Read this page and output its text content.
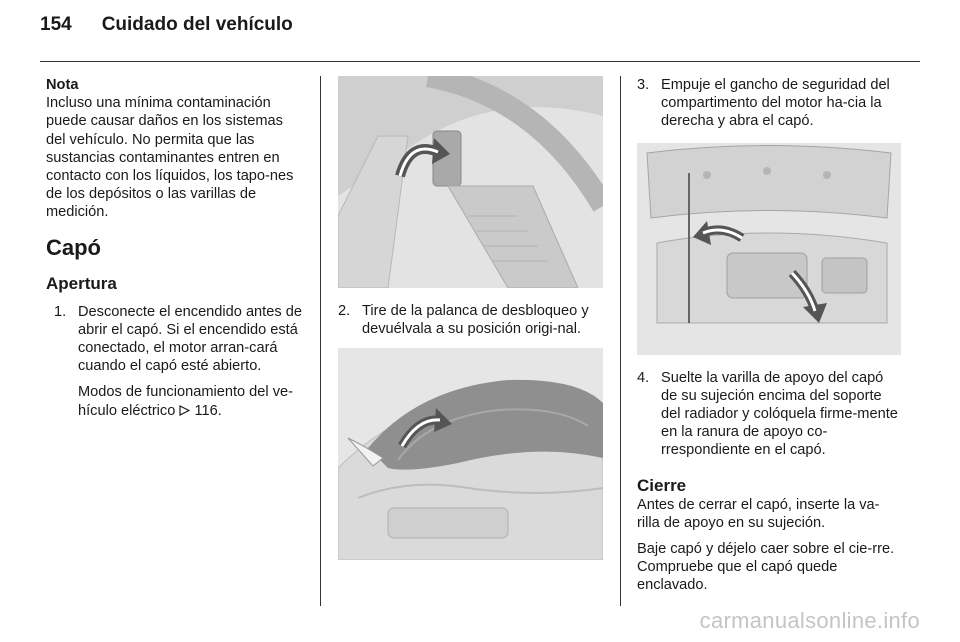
154 Cuidado del vehículo
Nota
Incluso una mínima contaminación puede causar daños en los sistemas del vehículo. No permita que las sustancias contaminantes entren en contacto con los líquidos, los tapo-nes de los depósitos o las varillas de medición.
Capó
Apertura
1. Desconecte el encendido antes de abrir el capó. Si el encendido está conectado, el motor arran-cará cuando el capó esté abierto.
Modos de funcionamiento del ve-hículo eléctrico 116.
2. Tire de la palanca de desbloqueo y devuélvala a su posición origi-nal.
3. Empuje el gancho de seguridad del compartimento del motor ha-cia la derecha y abra el capó.
4. Suelte la varilla de apoyo del capó de su sujeción encima del soporte del radiador y colóquela firme-mente en la ranura de apoyo co-rrespondiente en el capó.
Cierre
Antes de cerrar el capó, inserte la va-rilla de apoyo en su sujeción.
Baje capó y déjelo caer sobre el cie-rre. Compruebe que el capó quede enclavado.
carmanualsonline.info
